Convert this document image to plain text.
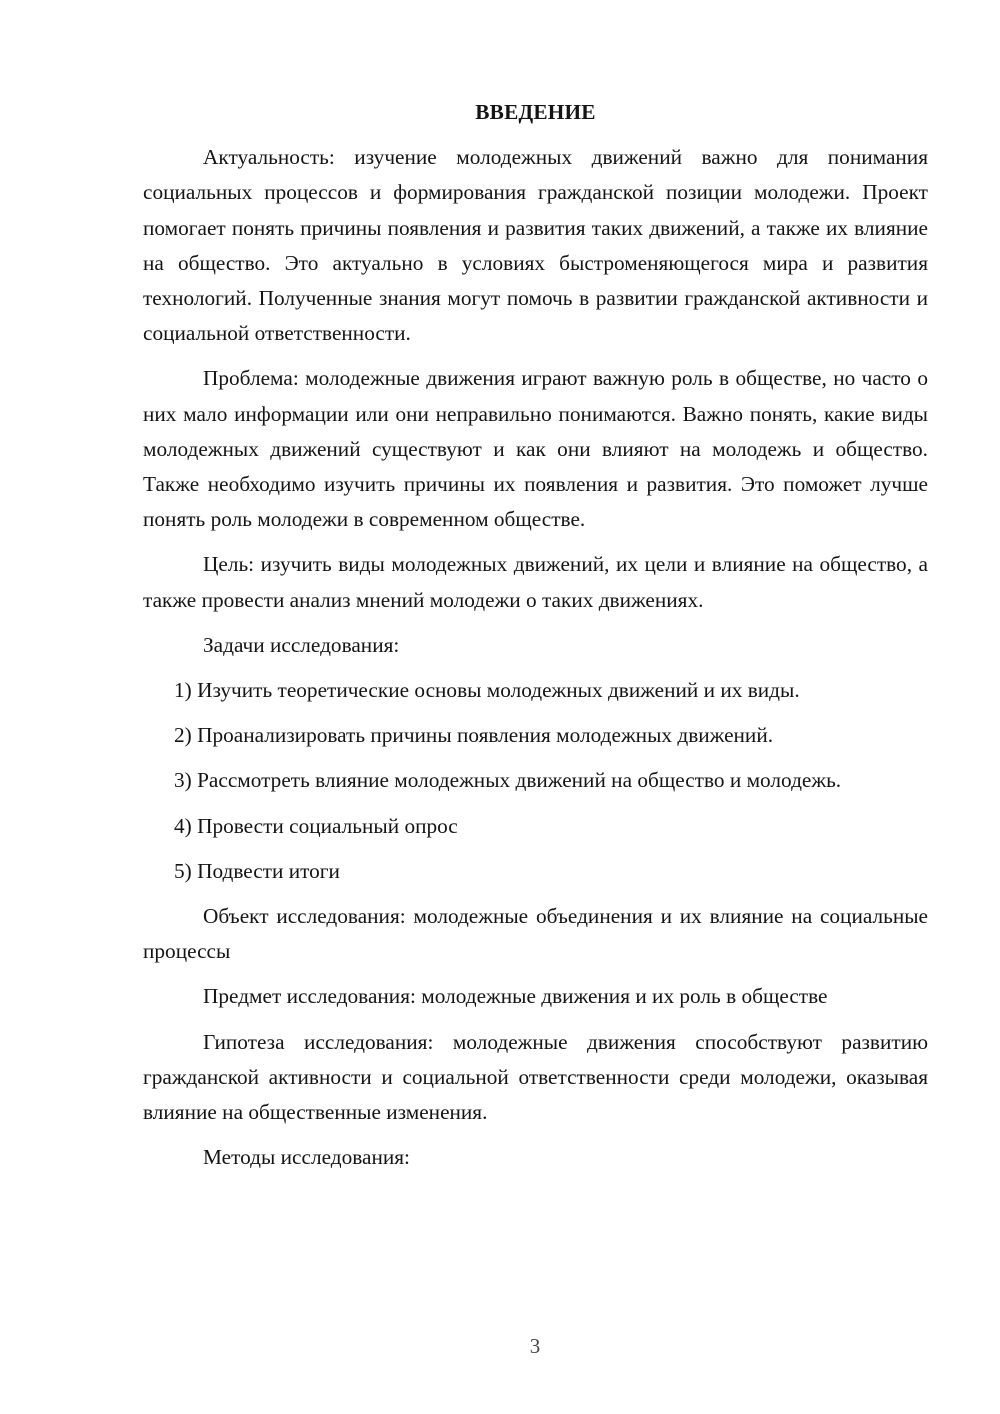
ВВЕДЕНИЕ

Актуальность: изучение молодежных движений важно для понимания социальных процессов и формирования гражданской позиции молодежи. Проект помогает понять причины появления и развития таких движений, а также их влияние на общество. Это актуально в условиях быстроменяющегося мира и развития технологий. Полученные знания могут помочь в развитии гражданской активности и социальной ответственности.

Проблема: молодежные движения играют важную роль в обществе, но часто о них мало информации или они неправильно понимаются. Важно понять, какие виды молодежных движений существуют и как они влияют на молодежь и общество. Также необходимо изучить причины их появления и развития. Это поможет лучше понять роль молодежи в современном обществе.

Цель: изучить виды молодежных движений, их цели и влияние на общество, а также провести анализ мнений молодежи о таких движениях.

Задачи исследования:

1) Изучить теоретические основы молодежных движений и их виды.

2) Проанализировать причины появления молодежных движений.

3) Рассмотреть влияние молодежных движений на общество и молодежь.

4) Провести социальный опрос

5) Подвести итоги

Объект исследования: молодежные объединения и их влияние на социальные процессы

Предмет исследования: молодежные движения и их роль в обществе

Гипотеза исследования: молодежные движения способствуют развитию гражданской активности и социальной ответственности среди молодежи, оказывая влияние на общественные изменения.

Методы исследования:

3
